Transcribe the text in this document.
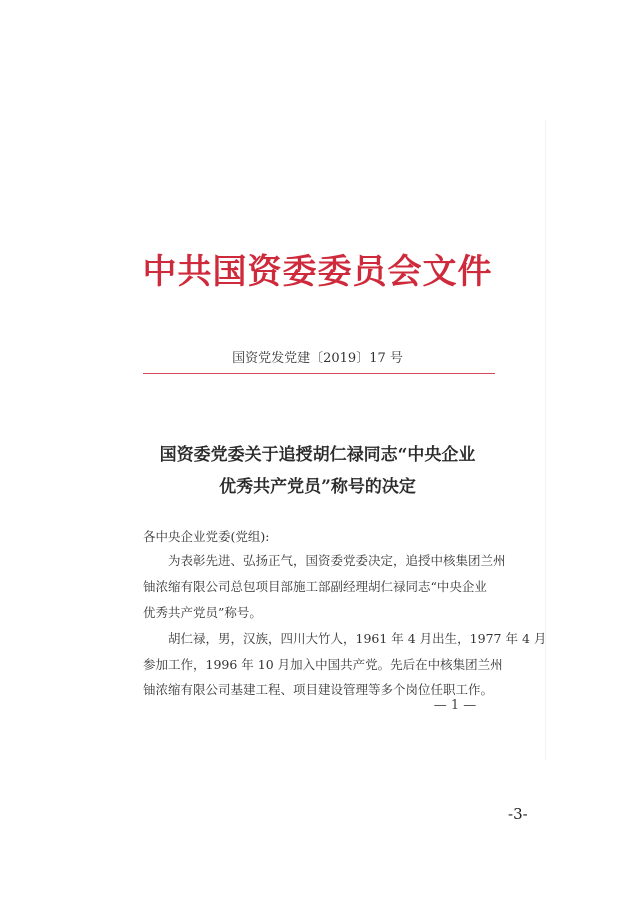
中共国资委委员会文件
国资党发党建〔2019〕17 号
国资委党委关于追授胡仁禄同志“中央企业
优秀共产党员”称号的决定
各中央企业党委(党组):
为表彰先进、弘扬正气，国资委党委决定，追授中核集团兰州
铀浓缩有限公司总包项目部施工部副经理胡仁禄同志“中央企业
优秀共产党员”称号。
胡仁禄，男，汉族，四川大竹人，1961 年 4 月出生，1977 年 4 月
参加工作，1996 年 10 月加入中国共产党。先后在中核集团兰州
铀浓缩有限公司基建工程、项目建设管理等多个岗位任职工作。
— 1 —
-3-
